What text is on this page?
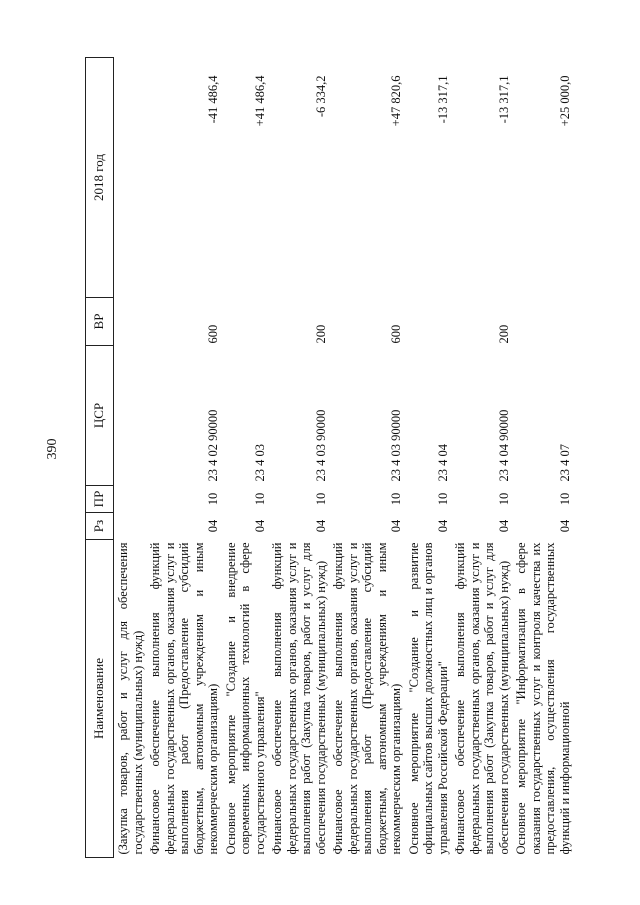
390
Наименование	Рз	ПР	ЦСР	ВР	2018 год
(Закупка товаров, работ и услуг для обеспечения государственных (муниципальных) нужд)					
Финансовое обеспечение выполнения функций федеральных государственных органов, оказания услуг и выполнения работ (Предоставление субсидий бюджетным, автономным учреждениям и иным некоммерческим организациям)	04	10	23 4 02 90000	600	-41 486,4
Основное мероприятие "Создание и внедрение современных информационных технологий в сфере государственного управления"	04	10	23 4 03		+41 486,4
Финансовое обеспечение выполнения функций федеральных государственных органов, оказания услуг и выполнения работ (Закупка товаров, работ и услуг для обеспечения государственных (муниципальных) нужд)	04	10	23 4 03 90000	200	-6 334,2
Финансовое обеспечение выполнения функций федеральных государственных органов, оказания услуг и выполнения работ (Предоставление субсидий бюджетным, автономным учреждениям и иным некоммерческим организациям)	04	10	23 4 03 90000	600	+47 820,6
Основное мероприятие "Создание и развитие официальных сайтов высших должностных лиц и органов управления Российской Федерации"	04	10	23 4 04		-13 317,1
Финансовое обеспечение выполнения функций федеральных государственных органов, оказания услуг и выполнения работ (Закупка товаров, работ и услуг для обеспечения государственных (муниципальных) нужд)	04	10	23 4 04 90000	200	-13 317,1
Основное мероприятие "Информатизация в сфере оказания государственных услуг и контроля качества их предоставления, осуществления государственных функций и информационной	04	10	23 4 07		+25 000,0
